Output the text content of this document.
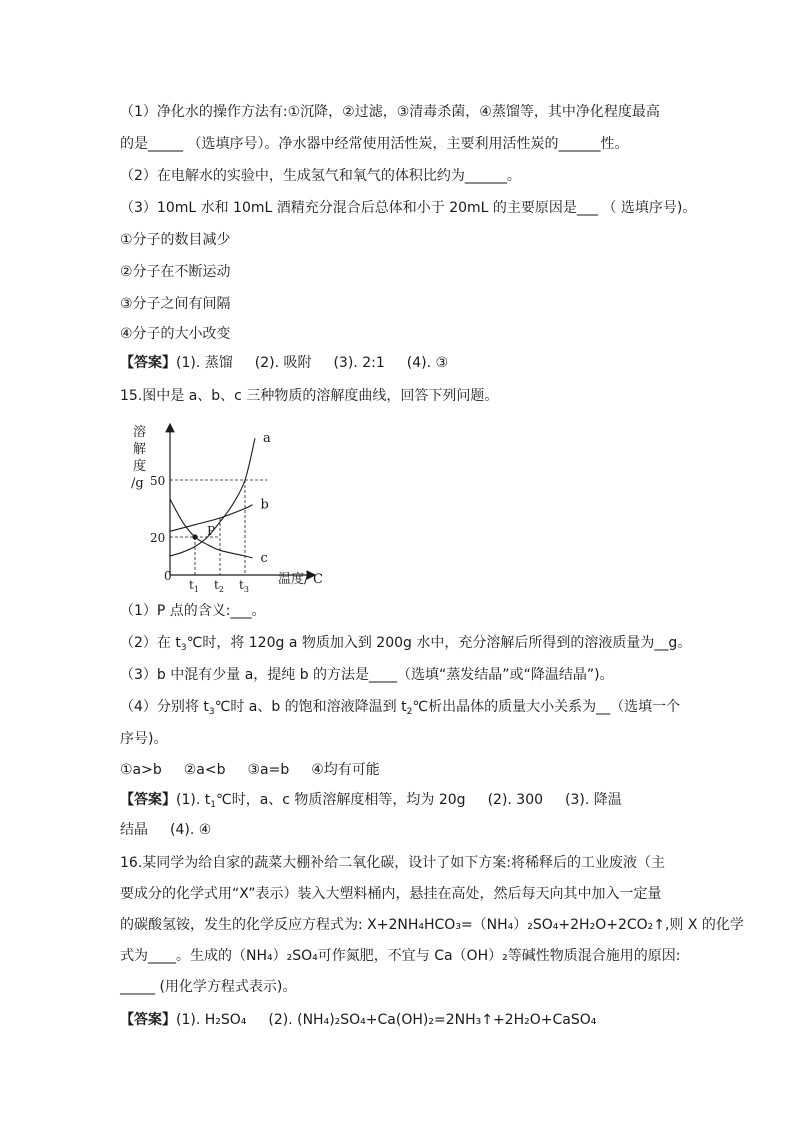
（1）净化水的操作方法有:①沉降，②过滤，③清毒杀菌，④蒸馏等，其中净化程度最高
的是_____ （选填序号）。净水器中经常使用活性炭，主要利用活性炭的______性。
（2）在电解水的实验中，生成氢气和氧气的体积比约为______。
（3）10mL 水和 10mL 酒精充分混合后总体和小于 20mL 的主要原因是___ （ 选填序号)。
①分子的数目减少
②分子在不断运动
③分子之间有间隔
④分子的大小改变
【答案】(1). 蒸馏 (2). 吸附 (3). 2:1 (4). ③
15.图中是 a、b、c 三种物质的溶解度曲线，回答下列问题。
溶
解
度
/g
0	温度/℃
a
b
c
20
50
$t_1$ $t_2$ $t_3$
P
（1）P 点的含义:___。
（2）在 $t_3℃$时，将 120g a 物质加入到 200g 水中，充分溶解后所得到的溶液质量为__g。
（3）b 中混有少量 a，提纯 b 的方法是____（选填“蒸发结晶”或“降温结晶”)。
（4）分别将 $t_3℃$时 a、b 的饱和溶液降温到 $t_2℃$析出晶体的质量大小关系为__（选填一个
序号)。
①a>b ②a<b ③a=b ④均有可能
【答案】(1). $t_1℃$时，a、c 物质溶解度相等，均为 20g (2). 300 (3). 降温
结晶 (4). ④
16.某同学为给自家的蔬菜大棚补给二氧化碳，设计了如下方案:将稀释后的工业废液（主
要成分的化学式用“X”表示）装入大塑料桶内，悬挂在高处，然后每天向其中加入一定量
的碳酸氢铵，发生的化学反应方程式为: X+2NH₄HCO₃=（NH₄）₂SO₄+2H₂O+2CO₂↑,则 X 的化学
式为____。生成的（NH₄）₂SO₄可作氮肥，不宜与 Ca（OH）₂等碱性物质混合施用的原因:
_____ (用化学方程式表示)。
【答案】(1). H₂SO₄ (2). (NH₄)₂SO₄+Ca(OH)₂=2NH₃↑+2H₂O+CaSO₄
